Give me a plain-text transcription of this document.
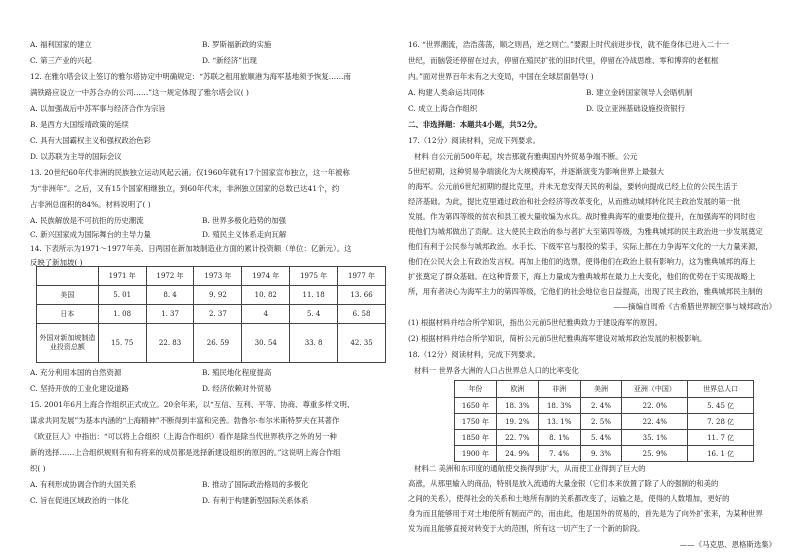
A. 福利国家的建立	B. 罗斯福新政的实施
C. 第三产业的兴起	D. “新经济”出现
12. 在雅尔塔会议上签订的雅尔塔协定中明确规定：“苏联之租用旅顺港为海军基地须予恢复……南
满铁路应设立一中苏合办的公司……”这一规定体现了雅尔塔会议( )
A. 以加强战后中苏军事与经济合作为宗旨
B. 是西方大国绥靖政策的延续
C. 具有大国霸权主义和强权政治色彩
D. 以苏联为主导的国际会议
13. 20世纪60年代非洲的民族独立运动风起云涌。仅1960年就有17个国家宣布独立，这一年被称
为“非洲年”。之后，又有15个国家相继独立，到60年代末，非洲独立国家的总数已达41个，约
占非洲总面积的84%。材料说明了( )
A. 民族解放是不可抗拒的历史潮流	B. 世界多极化趋势的加强
C. 新兴国家成为国际舞台的主导力量	D. 殖民主义体系走向瓦解
14. 下表所示为1971～1977年美、日两国在新加坡制造业方面的累计投资额（单位：亿新元）。这
反映了新加坡( )
	1971 年	1972 年	1973 年	1974 年	1975 年	1977 年
美国	5. 01	8. 4	9. 92	10. 82	11. 18	13. 66
日本	1. 08	1. 37	2. 37	4	5. 4	6. 58

外国对新加坡制造
业投资总额	15. 75	22. 83	26. 59	30. 54	33. 8	42. 35
A. 充分利用本国的自然资源	B. 殖民地化程度提高
C. 坚持开放的工业化建设道路	D. 经济依赖对外贸易
15. 2001年6月上海合作组织正式成立。20余年来，以“互信、互利、平等、协商、尊重多样文明、
谋求共同发展”为基本内涵的“上海精神”不断得到丰富和完善。勃鲁尔·布尔米斯特罗夫在其著作
《欧亚巨人》中指出：“可以将上合组织（上海合作组织）看作是除当代世界秩序之外的另一种
新的选择……上合组织规则有和有将来的成员都是选择新建设组织的原因的。”这说明上海合作组
织( )
A. 有利形成协调合作的大国关系	B. 推动了国际政治格局的多极化
C. 旨在促进区域政治的一体化	D. 有利于构建新型国际关系体系
16. “世界潮流，浩浩荡荡，顺之则昌，逆之则亡。”要跟上时代前进步伐，就不能身体已进入二十一
世纪，而脑袋还停留在过去，停留在殖民扩张的旧时代里，停留在冷战思维、零和博弈的老框框
内。”面对世界百年未有之大变局，中国在全球层面倡导( )
A. 构建人类命运共同体	B. 建立金砖国家领导人会晤机制
C. 成立上海合作组织	D. 设立亚洲基础设施投资银行
二、非选择题：本题共4小题，共52分。
17.（12分）阅读材料，完成下列要求。
材料 自公元前500年起，埃吉那就有雅典国内外贸易争端不断。公元
5世纪初期，这种贸易争端演化为大规模海军，并逐渐演变为影响世界上最强大
的海军。公元前6世纪初期的提比克里，并未无怠安得天民的利益，要转向提成已经上位的公民生活于
经济基础。为此，提比克里通过政治和社会经济等改革变化，从而推动城邦转化民主政治发展的第一批
发展。作为第四等级的贫农和县工被大量收编为水兵。战时雅典海军的重要地位提升，在加强海军的同时也
使他们为城邦做出了贡献。这大使民主政治的参与者扩大至第四等级，为雅典城邦的民主政治进一步发展奠定
他们有利于公民参与城邦政治。水手长、下级军官与服役的桨手，实际上都在力争海军文化的一大力量来源，
他们在公民大会上有政治发言权。再加上他们的选票，使得他们在政治上很有影响力，这为雅典城邦的海上
扩张奠定了群众基础。在这种背景下，海上力量成为雅典城邦在最力上大变化，他们的优势在于实现战略上
所，用有者决心为海军主力的第四等级，它他们的社会地位也日益提高，出现了民主政治，雅典城邦民主制的
——摘编自周希《古希腊世界制空事与城邦政治》
(1) 根据材料并结合所学知识，指出公元前5世纪雅典致力于建设海军的原因。
(2) 根据材料并结合所学知识，简析公元前5世纪雅典海军建设对城邦政治发展的积极影响。
18.（12分）阅读材料，完成下列要求。
材料一 世界各大洲的人口占世界总人口的比率变化
年份	欧洲	非洲	美洲	亚洲（中国）	世界总人口
1650 年	18. 3%	18. 3%	2. 4%	22. 0%	5. 45 亿
1750 年	19. 2%	13. 1%	2. 5%	22. 4%	7. 28 亿
1850 年	22. 7%	8. 1%	5. 4%	35. 1%	11. 7 亿
1900 年	24. 9%	7. 4%	9. 3%	25. 9%	16. 1 亿
材料二 美洲和东印度的通航使交换得到扩大，从而使工业得到了巨大的
高涨，从那里输入的商品，特别是放入流通的大量金银（它们本来放置了除了人的强制的和美的
之间的关系），使得社会的关系和土地所有制的关系都改变了，运输之是，使得的人数增加，更好的
身为而且能够用于对土地使所有制而产的，而由此，他是国外的贸易的，首先是为了向外扩张来，为某种世界
发为而且能够直接对转变于大的范围，所有这一切产生了一个新的阶段。
——《马克思、恩格斯选集》
